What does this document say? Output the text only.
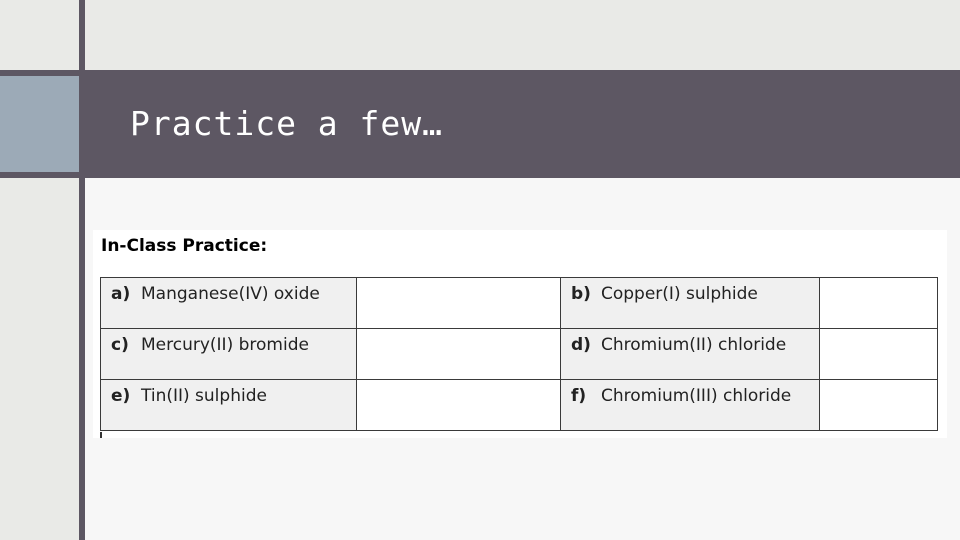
Practice a few…
In-Class Practice:
a) Manganese(IV) oxide		b) Copper(I) sulphide	

c) Mercury(II) bromide		d) Chromium(II) chloride	

e) Tin(II) sulphide		f) Chromium(III) chloride	
